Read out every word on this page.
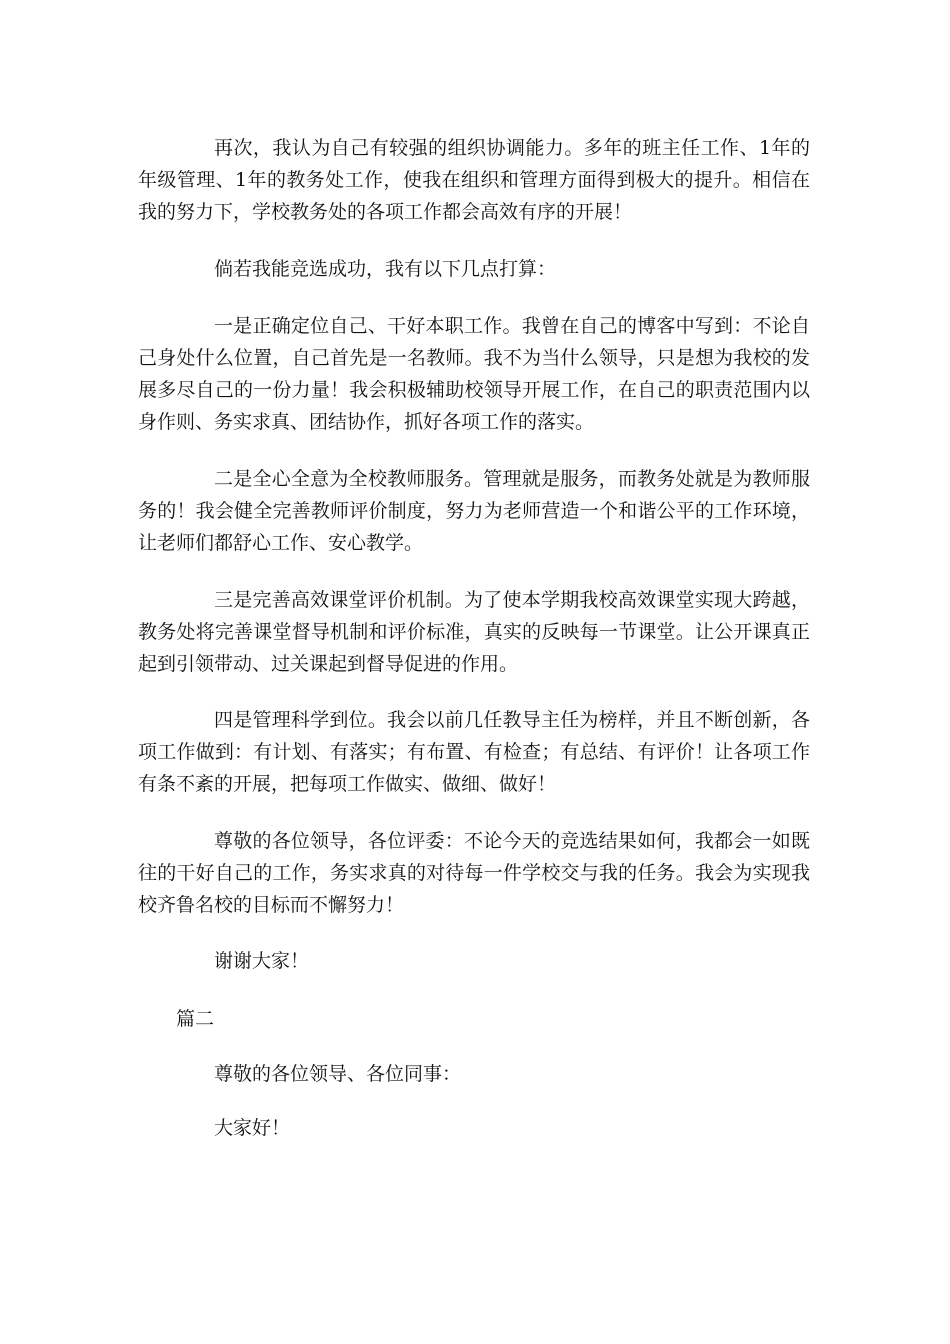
再次，我认为自己有较强的组织协调能力。多年的班主任工作、1年的年级管理、1年的教务处工作，使我在组织和管理方面得到极大的提升。相信在我的努力下，学校教务处的各项工作都会高效有序的开展！

倘若我能竞选成功，我有以下几点打算：

一是正确定位自己、干好本职工作。我曾在自己的博客中写到：不论自己身处什么位置，自己首先是一名教师。我不为当什么领导，只是想为我校的发展多尽自己的一份力量！我会积极辅助校领导开展工作，在自己的职责范围内以身作则、务实求真、团结协作，抓好各项工作的落实。

二是全心全意为全校教师服务。管理就是服务，而教务处就是为教师服务的！我会健全完善教师评价制度，努力为老师营造一个和谐公平的工作环境，让老师们都舒心工作、安心教学。

三是完善高效课堂评价机制。为了使本学期我校高效课堂实现大跨越，教务处将完善课堂督导机制和评价标准，真实的反映每一节课堂。让公开课真正起到引领带动、过关课起到督导促进的作用。

四是管理科学到位。我会以前几任教导主任为榜样，并且不断创新，各项工作做到：有计划、有落实；有布置、有检查；有总结、有评价！让各项工作有条不紊的开展，把每项工作做实、做细、做好！

尊敬的各位领导，各位评委：不论今天的竞选结果如何，我都会一如既往的干好自己的工作，务实求真的对待每一件学校交与我的任务。我会为实现我校齐鲁名校的目标而不懈努力！

谢谢大家！

篇二

尊敬的各位领导、各位同事：

大家好！
